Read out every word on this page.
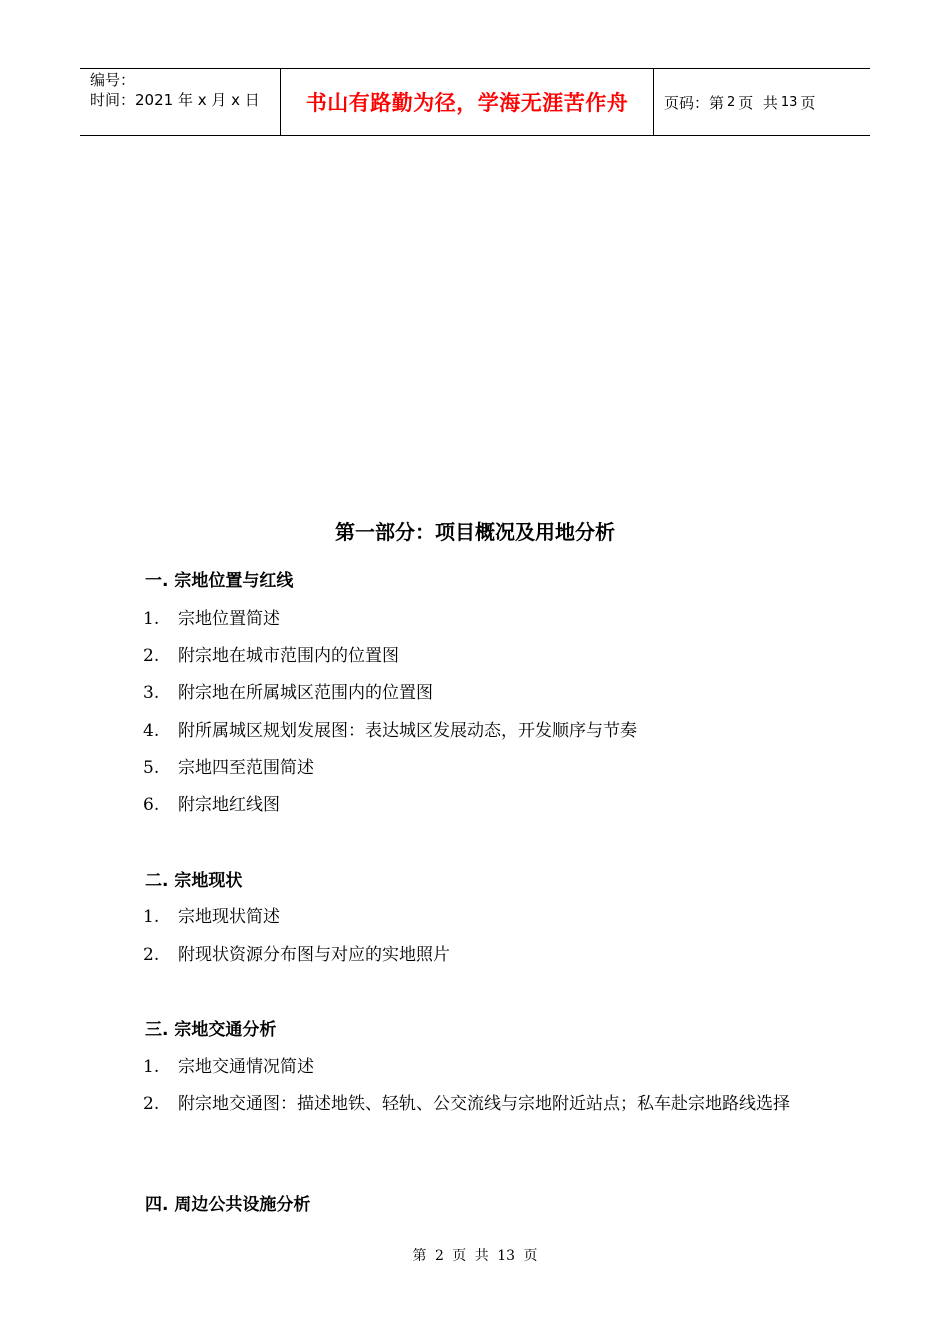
编号：
时间：2021 年 x 月 x 日	书山有路勤为径，学海无涯苦作舟 页码：第 2 页  共 13 页
第一部分：项目概况及用地分析
一. 宗地位置与红线
1.	宗地位置简述
2.	附宗地在城市范围内的位置图
3.	附宗地在所属城区范围内的位置图
4.	附所属城区规划发展图：表达城区发展动态，开发顺序与节奏
5.	宗地四至范围简述
6.	附宗地红线图
二. 宗地现状
1.	宗地现状简述
2.	附现状资源分布图与对应的实地照片
三. 宗地交通分析
1.	宗地交通情况简述
2.	附宗地交通图：描述地铁、轻轨、公交流线与宗地附近站点；私车赴宗地路线选择
四. 周边公共设施分析
第 2 页 共 13 页
